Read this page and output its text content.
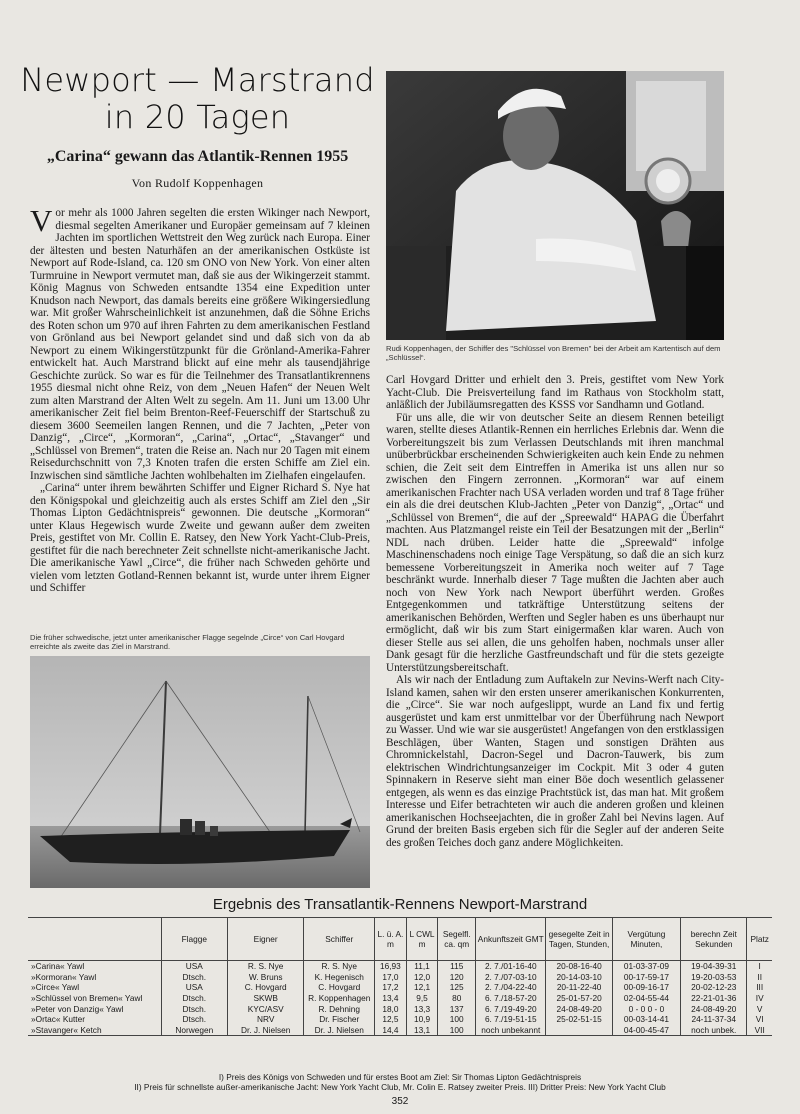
Newport — Marstrand
in 20 Tagen
„Carina“ gewann das Atlantik-Rennen 1955
Von Rudolf Koppenhagen
Rudi Koppenhagen, der Schiffer des "Schlüssel von Bremen" bei der Arbeit am Kartentisch auf dem „Schlüssel“.

Vor mehr als 1000 Jahren segelten die ersten Wikinger nach Newport, diesmal segelten Amerikaner und Europäer gemeinsam auf 7 kleinen Jachten im sportlichen Wettstreit den Weg zurück nach Europa. Einer der ältesten und besten Naturhäfen an der amerikanischen Ostküste ist Newport auf Rode-Island, ca. 120 sm ONO von New York. Von einer alten Turmruine in Newport vermutet man, daß sie aus der Wikingerzeit stammt. König Magnus von Schweden entsandte 1354 eine Expedition unter Knudson nach Newport, das damals bereits eine größere Wikingersiedlung war. Mit großer Wahrscheinlichkeit ist anzunehmen, daß die Söhne Erichs des Roten schon um 970 auf ihren Fahrten zu dem amerikanischen Festland von Grönland aus bei Newport gelandet sind und daß sich von da ab Newport zu einem Wikingerstützpunkt für die Grönland-Amerika-Fahrer entwickelt hat. Auch Marstrand blickt auf eine mehr als tausendjährige Geschichte zurück. So war es für die Teilnehmer des Transatlantikrennens 1955 diesmal nicht ohne Reiz, von dem „Neuen Hafen“ der Neuen Welt zum alten Marstrand der Alten Welt zu segeln. Am 11. Juni um 13.00 Uhr amerikanischer Zeit fiel beim Brenton-Reef-Feuerschiff der Startschuß zu diesem 3600 Seemeilen langen Rennen, und die 7 Jachten, „Peter von Danzig“, „Circe“, „Kormoran“, „Carina“, „Ortac“, „Stavanger“ und „Schlüssel von Bremen“, traten die Reise an. Nach nur 20 Tagen mit einem Reisedurchschnitt von 7,3 Knoten trafen die ersten Schiffe am Ziel ein. Inzwischen sind sämtliche Jachten wohlbehalten im Zielhafen eingelaufen.

„Carina“ unter ihrem bewährten Schiffer und Eigner Richard S. Nye hat den Königspokal und gleichzeitig auch als erstes Schiff am Ziel den „Sir Thomas Lipton Gedächtnispreis“ gewonnen. Die deutsche „Kormoran“ unter Klaus Hegewisch wurde Zweite und gewann außer dem zweiten Preis, gestiftet von Mr. Collin E. Ratsey, den New York Yacht-Club-Preis, gestiftet für die nach berechneter Zeit schnellste nicht-amerikanische Jacht. Die amerikanische Yawl „Circe“, die früher nach Schweden gehörte und vielen vom letzten Gotland-Rennen bekannt ist, wurde unter ihrem Eigner und Schiffer

Die früher schwedische, jetzt unter amerikanischer Flagge segelnde „Circe“ von Carl Hovgard erreichte als zweite das Ziel in Marstrand.

Carl Hovgard Dritter und erhielt den 3. Preis, gestiftet vom New York Yacht-Club. Die Preisverteilung fand im Rathaus von Stockholm statt, anläßlich der Jubiläumsregatten des KSSS vor Sandhamn und Gotland.

Für uns alle, die wir von deutscher Seite an diesem Rennen beteiligt waren, stellte dieses Atlantik-Rennen ein herrliches Erlebnis dar. Wenn die Vorbereitungszeit bis zum Verlassen Deutschlands mit ihren manchmal unüberbrückbar erscheinenden Schwierigkeiten auch kein Ende zu nehmen schien, die Zeit seit dem Eintreffen in Amerika ist uns allen nur so zwischen den Fingern zerronnen. „Kormoran“ war auf einem amerikanischen Frachter nach USA verladen worden und traf 8 Tage früher ein als die drei deutschen Klub-Jachten „Peter von Danzig“, „Ortac“ und „Schlüssel von Bremen“, die auf der „Spreewald“ HAPAG die Überfahrt machten. Aus Platzmangel reiste ein Teil der Besatzungen mit der „Berlin“ NDL nach drüben. Leider hatte die „Spreewald“ infolge Maschinenschadens noch einige Tage Verspätung, so daß die an sich kurz bemessene Vorbereitungszeit in Amerika noch weiter auf 7 Tage beschränkt wurde. Innerhalb dieser 7 Tage mußten die Jachten aber auch noch von New York nach Newport überführt werden. Großes Entgegenkommen und tatkräftige Unterstützung seitens der amerikanischen Behörden, Werften und Segler haben es uns überhaupt nur ermöglicht, daß wir bis zum Start einigermaßen klar waren. Auch von dieser Stelle aus sei allen, die uns geholfen haben, nochmals unser aller Dank gesagt für die herzliche Gastfreundschaft und für die stets gezeigte Unterstützungsbereitschaft.

Als wir nach der Entladung zum Auftakeln zur Nevins-Werft nach City-Island kamen, sahen wir den ersten unserer amerikanischen Konkurrenten, die „Circe“. Sie war noch aufgeslippt, wurde an Land fix und fertig ausgerüstet und kam erst unmittelbar vor der Überführung nach Newport zu Wasser. Und wie war sie ausgerüstet! Angefangen von den erstklassigen Beschlägen, über Wanten, Stagen und sonstigen Drähten aus Chromnickelstahl, Dacron-Segel und Dacron-Tauwerk, bis zum elektrischen Windrichtungsanzeiger im Cockpit. Mit 3 oder 4 guten Spinnakern in Reserve sieht man einer Böe doch wesentlich gelassener entgegen, als wenn es das einzige Prachtstück ist, das man hat. Mit großem Interesse und Eifer betrachteten wir auch die anderen großen und kleinen amerikanischen Hochseejachten, die in großer Zahl bei Nevins lagen. Auf Grund der breiten Basis ergeben sich für die Segler auf der anderen Seite des großen Teiches doch ganz andere Möglichkeiten.

Ergebnis des Transatlantik-Rennens Newport-Marstrand
	Flagge	Eigner	Schiffer	L. ü. A. m	L CWL m	Segelfl. ca. qm	Ankunftszeit GMT	gesegelte Zeit in Tagen, Stunden,	Vergütung Minuten,	berechn Zeit Sekunden	Platz
»Carina« Yawl	USA	R. S. Nye	R. S. Nye	16,93	11,1	115	2. 7./01-16-40	20-08-16-40	01-03-37-09	19-04-39-31	I
»Kormoran« Yawl	Dtsch.	W. Bruns	K. Hegenisch	17,0	12,0	120	2. 7./07-03-10	20-14-03-10	00-17-59-17	19-20-03-53	II
»Circe« Yawl	USA	C. Hovgard	C. Hovgard	17,2	12,1	125	2. 7./04-22-40	20-11-22-40	00-09-16-17	20-02-12-23	III
»Schlüssel von Bremen« Yawl	Dtsch.	SKWB	R. Koppenhagen	13,4	9,5	80	6. 7./18-57-20	25-01-57-20	02-04-55-44	22-21-01-36	IV
»Peter von Danzig« Yawl	Dtsch.	KYC/ASV	R. Dehning	18,0	13,3	137	6. 7./19-49-20	24-08-49-20	0 - 0 0 - 0	24-08-49-20	V
»Ortac« Kutter	Dtsch.	NRV	Dr. Fischer	12,5	10,9	100	6. 7./19-51-15	25-02-51-15	00-03-14-41	24-11-37-34	VI
»Stavanger« Ketch	Norwegen	Dr. J. Nielsen	Dr. J. Nielsen	14,4	13,1	100	noch unbekannt		04-00-45-47	noch unbek.	VII
I) Preis des Königs von Schweden und für erstes Boot am Ziel: Sir Thomas Lipton Gedächtnispreis
II) Preis für schnellste außer-amerikanische Jacht: New York Yacht Club, Mr. Colin E. Ratsey zweiter Preis. III) Dritter Preis: New York Yacht Club
352
